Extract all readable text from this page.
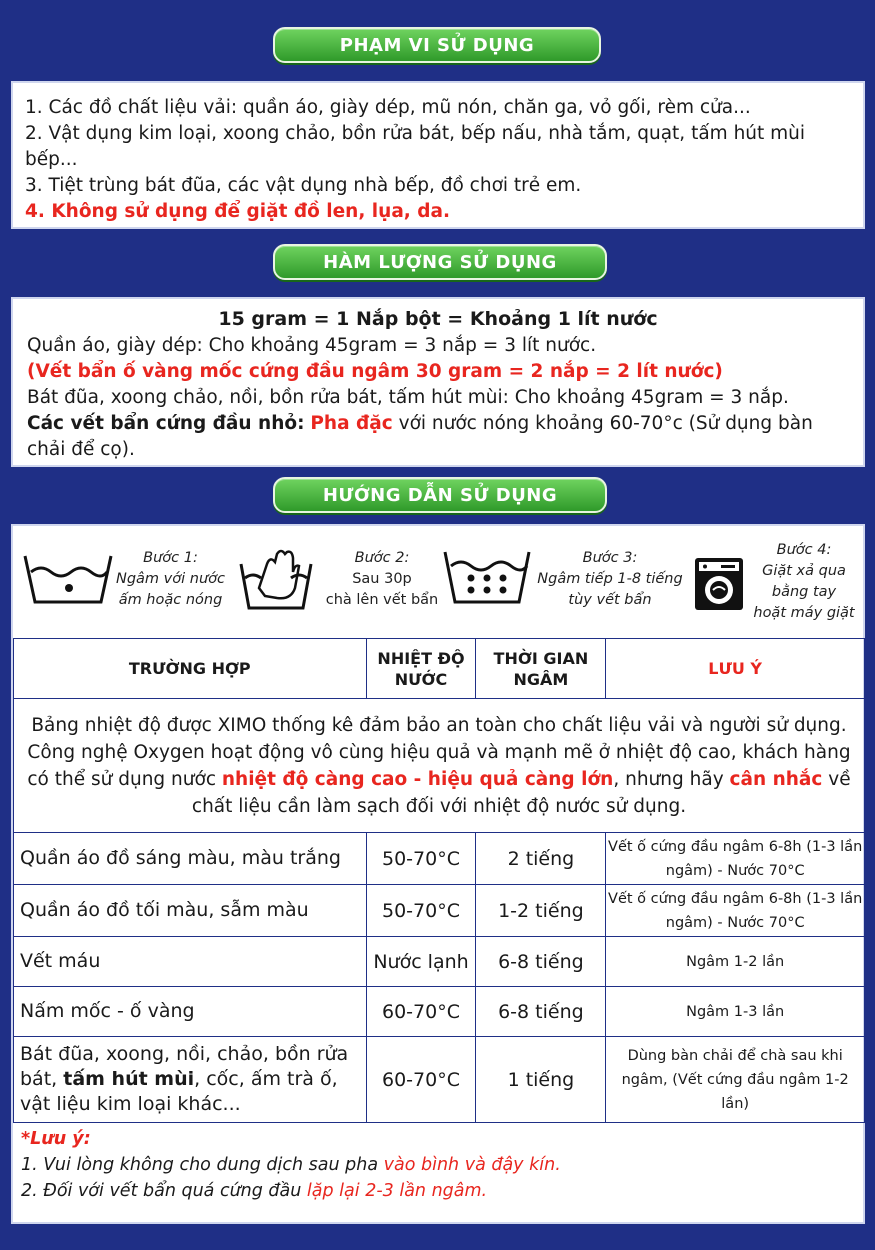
PHẠM VI SỬ DỤNG
HÀM LƯỢNG SỬ DỤNG
HƯỚNG DẪN SỬ DỤNG
1. Các đồ chất liệu vải: quần áo, giày dép, mũ nón, chăn ga, vỏ gối, rèm cửa...
2. Vật dụng kim loại, xoong chảo, bồn rửa bát, bếp nấu, nhà tắm, quạt, tấm hút mùi bếp...
3. Tiệt trùng bát đũa, các vật dụng nhà bếp, đồ chơi trẻ em.
4. Không sử dụng để giặt đồ len, lụa, da.
15 gram = 1 Nắp bột = Khoảng 1 lít nước
Quần áo, giày dép: Cho khoảng 45gram = 3 nắp = 3 lít nước.
(Vết bẩn ố vàng mốc cứng đầu ngâm 30 gram = 2 nắp = 2 lít nước)
Bát đũa, xoong chảo, nồi, bồn rửa bát, tấm hút mùi: Cho khoảng 45gram = 3 nắp.
Các vết bẩn cứng đầu nhỏ: Pha đặc với nước nóng khoảng 60-70°c (Sử dụng bàn chải để cọ).
Bước 1:
Ngâm với nước
ấm hoặc nóng
Bước 2:
Sau 30p
chà lên vết bẩn
Bước 3:
Ngâm tiếp 1-8 tiếng
tùy vết bẩn
Bước 4:
Giặt xả qua
bằng tay
hoặt máy giặt
TRƯỜNG HỢP	NHIỆT ĐỘ NƯỚC	THỜI GIAN NGÂM	LƯU Ý
Bảng nhiệt độ được XIMO thống kê đảm bảo an toàn cho chất liệu vải và người sử dụng. Công nghệ Oxygen hoạt động vô cùng hiệu quả và mạnh mẽ ở nhiệt độ cao, khách hàng có thể sử dụng nước nhiệt độ càng cao - hiệu quả càng lớn, nhưng hãy cân nhắc về chất liệu cần làm sạch đối với nhiệt độ nước sử dụng.			
Quần áo đồ sáng màu, màu trắng	50-70°C	2 tiếng	Vết ố cứng đầu ngâm 6-8h (1-3 lần ngâm) - Nước 70°C
Quần áo đồ tối màu, sẫm màu	50-70°C	1-2 tiếng	Vết ố cứng đầu ngâm 6-8h (1-3 lần ngâm) - Nước 70°C
Vết máu	Nước lạnh	6-8 tiếng	Ngâm 1-2 lần
Nấm mốc - ố vàng	60-70°C	6-8 tiếng	Ngâm 1-3 lần
Bát đũa, xoong, nồi, chảo, bồn rửa bát, tấm hút mùi, cốc, ấm trà ố, vật liệu kim loại khác...	60-70°C	1 tiếng	Dùng bàn chải để chà sau khi ngâm, (Vết cứng đầu ngâm 1-2 lần)
*Lưu ý:
1. Vui lòng không cho dung dịch sau pha vào bình và đậy kín.
2. Đối với vết bẩn quá cứng đầu lặp lại 2-3 lần ngâm.
